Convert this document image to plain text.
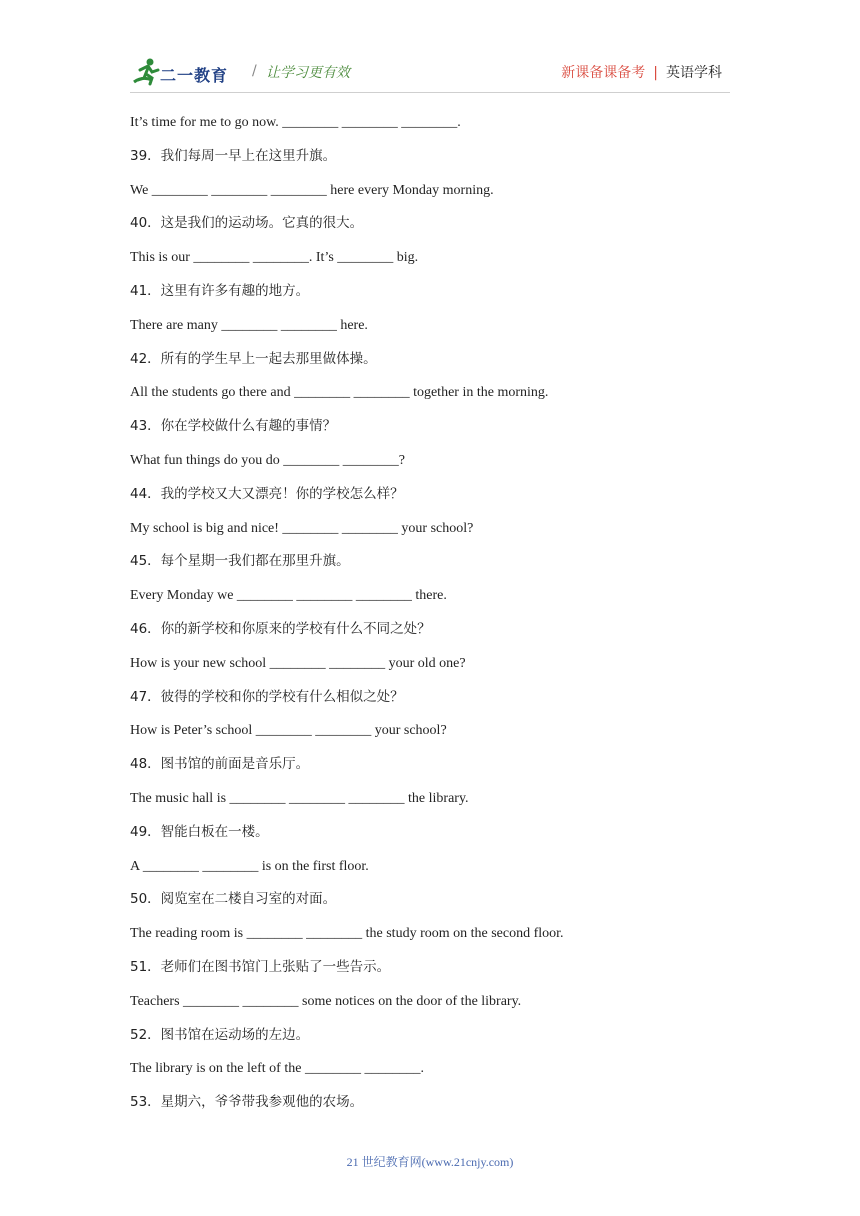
二一教育 / 让学习更有效	新课备课备考 | 英语学科
It’s time for me to go now. ________ ________ ________.
39．我们每周一早上在这里升旗。
We ________ ________ ________ here every Monday morning.
40．这是我们的运动场。它真的很大。
This is our ________ ________. It’s ________ big.
41．这里有许多有趣的地方。
There are many ________ ________ here.
42．所有的学生早上一起去那里做体操。
All the students go there and ________ ________ together in the morning.
43．你在学校做什么有趣的事情？
What fun things do you do ________ ________?
44．我的学校又大又漂亮！你的学校怎么样？
My school is big and nice! ________ ________ your school?
45．每个星期一我们都在那里升旗。
Every Monday we ________ ________ ________ there.
46．你的新学校和你原来的学校有什么不同之处？
How is your new school ________ ________ your old one?
47．彼得的学校和你的学校有什么相似之处？
How is Peter’s school ________ ________ your school?
48．图书馆的前面是音乐厅。
The music hall is ________ ________ ________ the library.
49．智能白板在一楼。
A ________ ________ is on the first floor.
50．阅览室在二楼自习室的对面。
The reading room is ________ ________ the study room on the second floor.
51．老师们在图书馆门上张贴了一些告示。
Teachers ________ ________ some notices on the door of the library.
52．图书馆在运动场的左边。
The library is on the left of the ________ ________.
53．星期六，爷爷带我参观他的农场。
21 世纪教育网(www.21cnjy.com)
